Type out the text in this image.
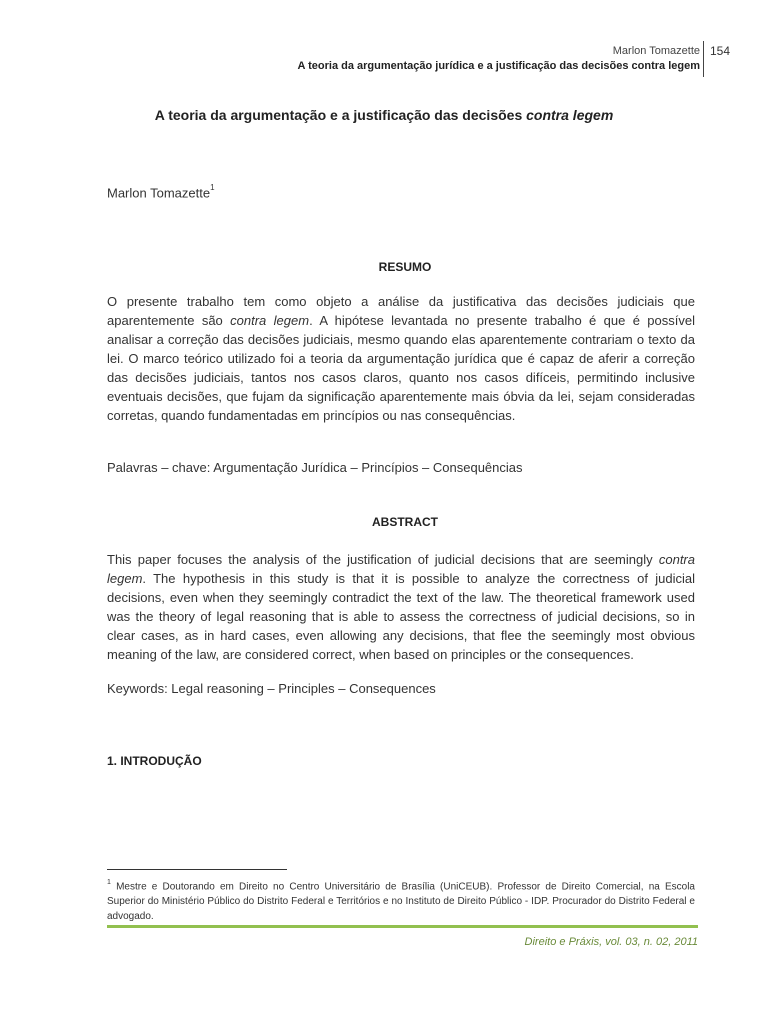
Marlon Tomazette
A teoria da argumentação jurídica e a justificação das decisões contra legem
154
A teoria da argumentação e a justificação das decisões contra legem
Marlon Tomazette$^1$
RESUMO
O presente trabalho tem como objeto a análise da justificativa das decisões judiciais que aparentemente são contra legem. A hipótese levantada no presente trabalho é que é possível analisar a correção das decisões judiciais, mesmo quando elas aparentemente contrariam o texto da lei. O marco teórico utilizado foi a teoria da argumentação jurídica que é capaz de aferir a correção das decisões judiciais, tantos nos casos claros, quanto nos casos difíceis, permitindo inclusive eventuais decisões, que fujam da significação aparentemente mais óbvia da lei, sejam consideradas corretas, quando fundamentadas em princípios ou nas consequências.
Palavras – chave: Argumentação Jurídica – Princípios – Consequências
ABSTRACT
This paper focuses the analysis of the justification of judicial decisions that are seemingly contra legem. The hypothesis in this study is that it is possible to analyze the correctness of judicial decisions, even when they seemingly contradict the text of the law. The theoretical framework used was the theory of legal reasoning that is able to assess the correctness of judicial decisions, so in clear cases, as in hard cases, even allowing any decisions, that flee the seemingly most obvious meaning of the law, are considered correct, when based on principles or the consequences.
Keywords: Legal reasoning – Principles – Consequences
1. INTRODUÇÃO
$^1$ Mestre e Doutorando em Direito no Centro Universitário de Brasília (UniCEUB). Professor de Direito Comercial, na Escola Superior do Ministério Público do Distrito Federal e Territórios e no Instituto de Direito Público - IDP. Procurador do Distrito Federal e advogado.
Direito e Práxis, vol. 03, n. 02, 2011
